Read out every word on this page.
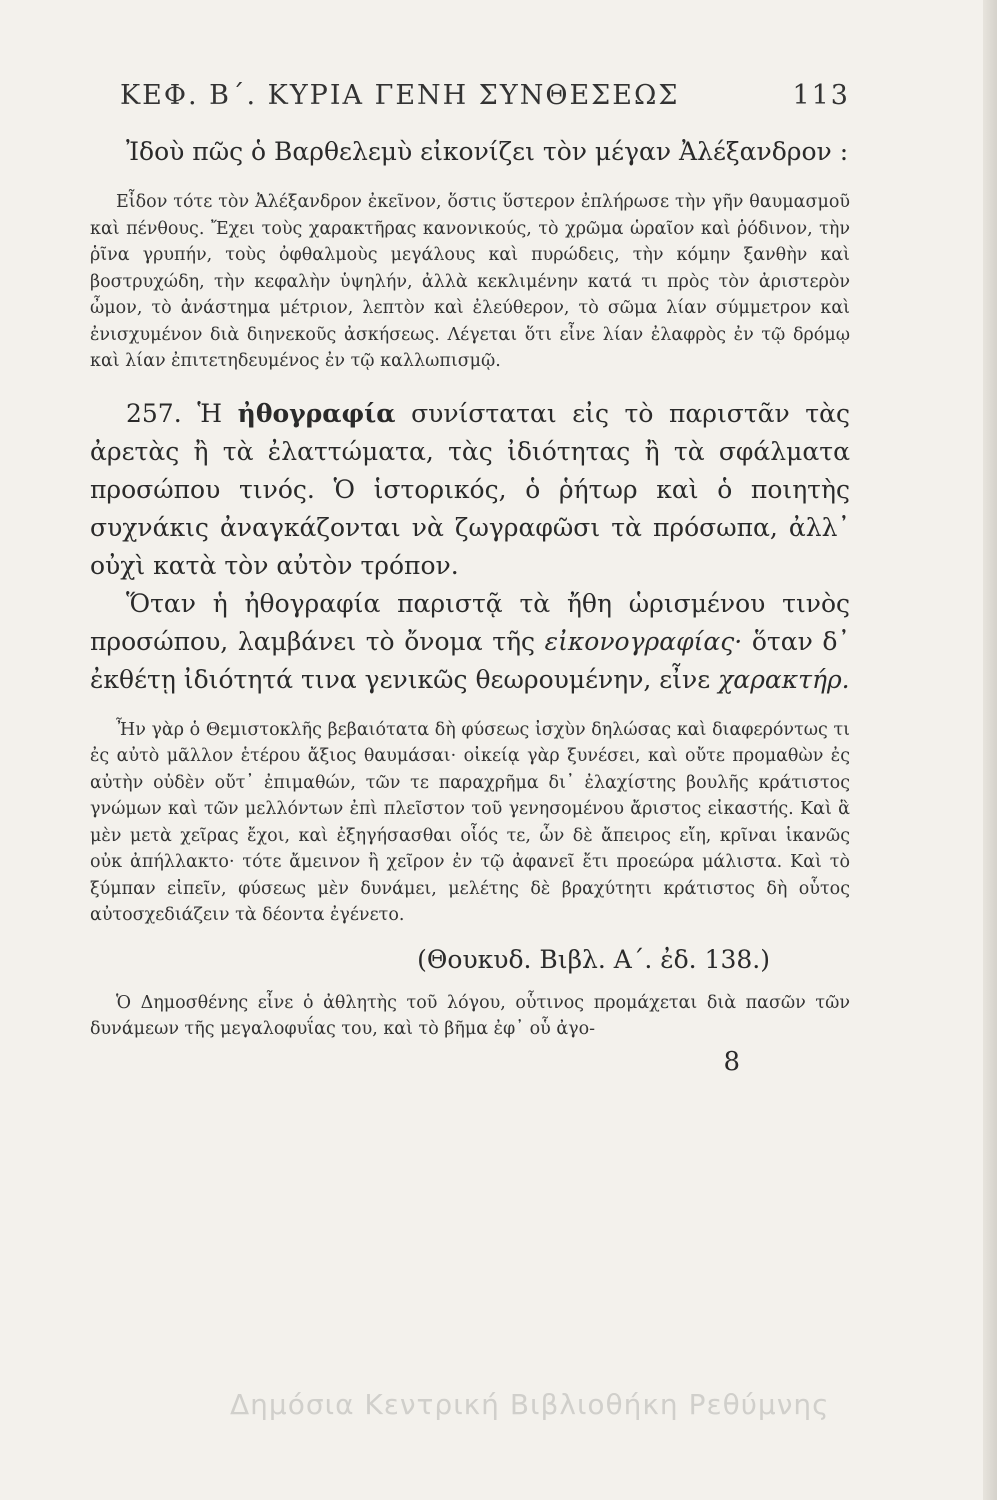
ΚΕΦ. Β΄. ΚΥΡΙΑ ΓΕΝΗ ΣΥΝΘΕΣΕΩΣ	113

Ἰδοὺ πῶς ὁ Βαρθελεμὺ εἰκονίζει τὸν μέγαν Ἀλέξανδρον :

Εἶδον τότε τὸν Ἀλέξανδρον ἐκεῖνον, ὅστις ὕστερον ἐπλήρωσε τὴν γῆν θαυμασμοῦ καὶ πένθους. Ἔχει τοὺς χαρακτῆρας κανονικούς, τὸ χρῶμα ὡραῖον καὶ ῥόδινον, τὴν ῥῖνα γρυπήν, τοὺς ὀφθαλμοὺς μεγάλους καὶ πυρώδεις, τὴν κόμην ξανθὴν καὶ βοστρυχώδη, τὴν κεφαλὴν ὑψηλήν, ἀλλὰ κεκλιμένην κατά τι πρὸς τὸν ἀριστερὸν ὦμον, τὸ ἀνάστημα μέτριον, λεπτὸν καὶ ἐλεύθερον, τὸ σῶμα λίαν σύμμετρον καὶ ἐνισχυμένον διὰ διηνεκοῦς ἀσκήσεως. Λέγεται ὅτι εἶνε λίαν ἐλαφρὸς ἐν τῷ δρόμῳ καὶ λίαν ἐπιτετηδευμένος ἐν τῷ καλλωπισμῷ.

257. Ἡ ἠθογραφία συνίσταται εἰς τὸ παριστᾶν τὰς ἀρετὰς ἢ τὰ ἐλαττώματα, τὰς ἰδιότητας ἢ τὰ σφάλματα προσώπου τινός. Ὁ ἱστορικός, ὁ ῥήτωρ καὶ ὁ ποιητὴς συχνάκις ἀναγκάζονται νὰ ζωγραφῶσι τὰ πρόσωπα, ἀλλ᾽ οὐχὶ κατὰ τὸν αὐτὸν τρόπον.

Ὅταν ἡ ἠθογραφία παριστᾷ τὰ ἤθη ὡρισμένου τινὸς προσώπου, λαμβάνει τὸ ὄνομα τῆς εἰκονογραφίας· ὅταν δ᾽ ἐκθέτῃ ἰδιότητά τινα γενικῶς θεωρουμένην, εἶνε χαρακτήρ.

Ἦν γὰρ ὁ Θεμιστοκλῆς βεβαιότατα δὴ φύσεως ἰσχὺν δηλώσας καὶ διαφερόντως τι ἐς αὐτὸ μᾶλλον ἑτέρου ἄξιος θαυμάσαι· οἰκείᾳ γὰρ ξυνέσει, καὶ οὔτε προμαθὼν ἐς αὐτὴν οὐδὲν οὔτ᾽ ἐπιμαθών, τῶν τε παραχρῆμα δι᾽ ἐλαχίστης βουλῆς κράτιστος γνώμων καὶ τῶν μελλόντων ἐπὶ πλεῖστον τοῦ γενησομένου ἄριστος εἰκαστής. Καὶ ἃ μὲν μετὰ χεῖρας ἔχοι, καὶ ἐξηγήσασθαι οἷός τε, ὧν δὲ ἄπειρος εἴη, κρῖναι ἱκανῶς οὐκ ἀπήλλακτο· τότε ἄμεινον ἢ χεῖρον ἐν τῷ ἀφανεῖ ἔτι προεώρα μάλιστα. Καὶ τὸ ξύμπαν εἰπεῖν, φύσεως μὲν δυνάμει, μελέτης δὲ βραχύτητι κράτιστος δὴ οὗτος αὐτοσχεδιάζειν τὰ δέοντα ἐγένετο.

(Θουκυδ. Βιβλ. Α΄. ἐδ. 138.)

Ὁ Δημοσθένης εἶνε ὁ ἀθλητὴς τοῦ λόγου, οὗτινος προμάχεται διὰ πασῶν τῶν δυνάμεων τῆς μεγαλοφυΐας του, καὶ τὸ βῆμα ἐφ᾽ οὗ ἀγο-

8
Δημόσια Κεντρική Βιβλιοθήκη Ρεθύμνης
